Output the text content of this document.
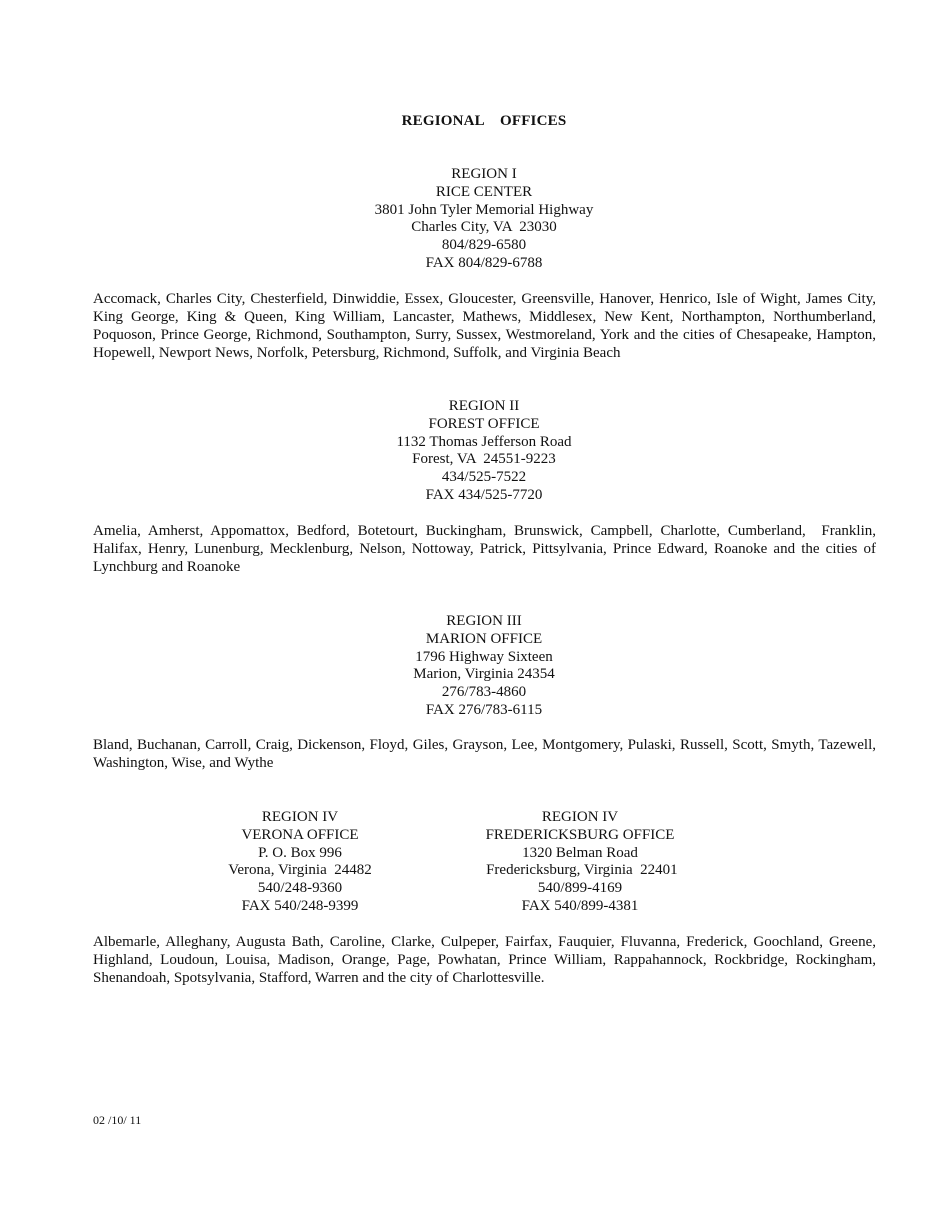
REGIONAL  OFFICES
REGION I
RICE CENTER
3801 John Tyler Memorial Highway
Charles City, VA  23030
804/829-6580
FAX 804/829-6788
Accomack, Charles City, Chesterfield, Dinwiddie, Essex, Gloucester, Greensville, Hanover, Henrico, Isle of Wight, James City, King George, King & Queen, King William, Lancaster, Mathews, Middlesex, New Kent, Northampton, Northumberland, Poquoson, Prince George, Richmond, Southampton, Surry, Sussex, Westmoreland, York and the cities of Chesapeake, Hampton, Hopewell, Newport News, Norfolk, Petersburg, Richmond, Suffolk, and Virginia Beach
REGION II
FOREST OFFICE
1132 Thomas Jefferson Road
Forest, VA  24551-9223
434/525-7522
FAX 434/525-7720
Amelia, Amherst, Appomattox, Bedford, Botetourt, Buckingham, Brunswick, Campbell, Charlotte, Cumberland,  Franklin, Halifax, Henry, Lunenburg, Mecklenburg, Nelson, Nottoway, Patrick, Pittsylvania, Prince Edward, Roanoke and the cities of Lynchburg and Roanoke
REGION III
MARION OFFICE
1796 Highway Sixteen
Marion, Virginia 24354
276/783-4860
FAX 276/783-6115
Bland, Buchanan, Carroll, Craig, Dickenson, Floyd, Giles, Grayson, Lee, Montgomery, Pulaski, Russell, Scott, Smyth, Tazewell, Washington, Wise, and Wythe
REGION IV
VERONA OFFICE
P. O. Box 996
Verona, Virginia  24482
540/248-9360
FAX 540/248-9399
REGION IV
FREDERICKSBURG OFFICE
1320 Belman Road
Fredericksburg, Virginia  22401
540/899-4169
FAX 540/899-4381
Albemarle, Alleghany, Augusta Bath, Caroline, Clarke, Culpeper, Fairfax, Fauquier, Fluvanna, Frederick, Goochland, Greene, Highland, Loudoun, Louisa, Madison, Orange, Page, Powhatan, Prince William, Rappahannock, Rockbridge, Rockingham, Shenandoah, Spotsylvania, Stafford, Warren and the city of Charlottesville.
02 /10/ 11
